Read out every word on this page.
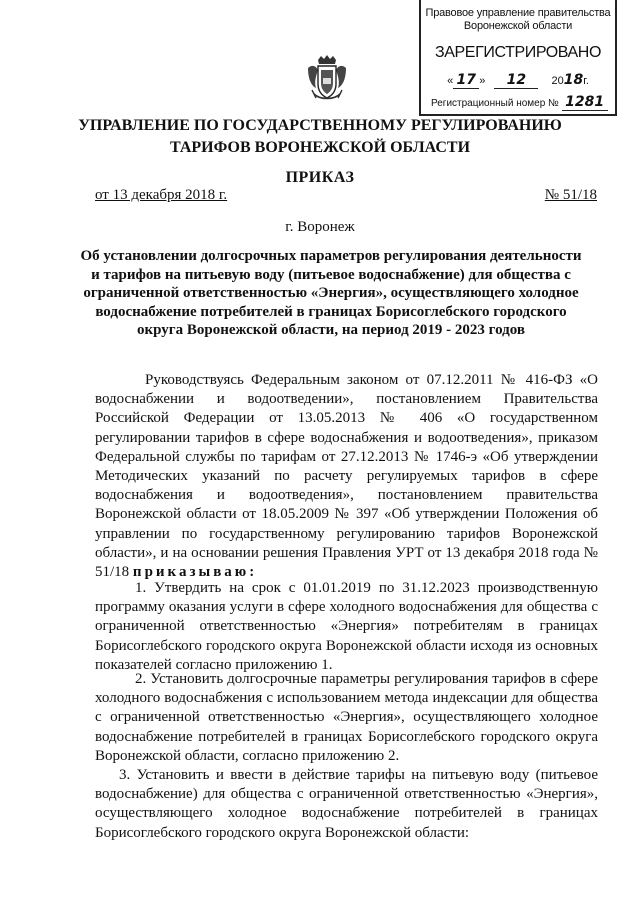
Правовое управление правительства
Воронежской области
ЗАРЕГИСТРИРОВАНО
« 17 » 12 2018г.
Регистрационный номер № 1281
УПРАВЛЕНИЕ ПО ГОСУДАРСТВЕННОМУ РЕГУЛИРОВАНИЮ
ТАРИФОВ ВОРОНЕЖСКОЙ ОБЛАСТИ
ПРИКАЗ
от 13 декабря 2018 г.	№ 51/18
г. Воронеж
Об установлении долгосрочных параметров регулирования деятельности и тарифов на питьевую воду (питьевое водоснабжение) для общества с ограниченной ответственностью «Энергия», осуществляющего холодное водоснабжение потребителей в границах Борисоглебского городского округа Воронежской области, на период 2019 - 2023 годов
Руководствуясь Федеральным законом от 07.12.2011 № 416-ФЗ «О водоснабжении и водоотведении», постановлением Правительства Российской Федерации от 13.05.2013 № 406 «О государственном регулировании тарифов в сфере водоснабжения и водоотведения», приказом Федеральной службы по тарифам от 27.12.2013 № 1746-э «Об утверждении Методических указаний по расчету регулируемых тарифов в сфере водоснабжения и водоотведения», постановлением правительства Воронежской области от 18.05.2009 № 397 «Об утверждении Положения об управлении по государственному регулированию тарифов Воронежской области», и на основании решения Правления УРТ от 13 декабря 2018 года № 51/18 приказываю:
1. Утвердить на срок с 01.01.2019 по 31.12.2023 производственную программу оказания услуги в сфере холодного водоснабжения для общества с ограниченной ответственностью «Энергия» потребителям в границах Борисоглебского городского округа Воронежской области исходя из основных показателей согласно приложению 1.
2. Установить долгосрочные параметры регулирования тарифов в сфере холодного водоснабжения с использованием метода индексации для общества с ограниченной ответственностью «Энергия», осуществляющего холодное водоснабжение потребителей в границах Борисоглебского городского округа Воронежской области, согласно приложению 2.
3. Установить и ввести в действие тарифы на питьевую воду (питьевое водоснабжение) для общества с ограниченной ответственностью «Энергия», осуществляющего холодное водоснабжение потребителей в границах Борисоглебского городского округа Воронежской области:
